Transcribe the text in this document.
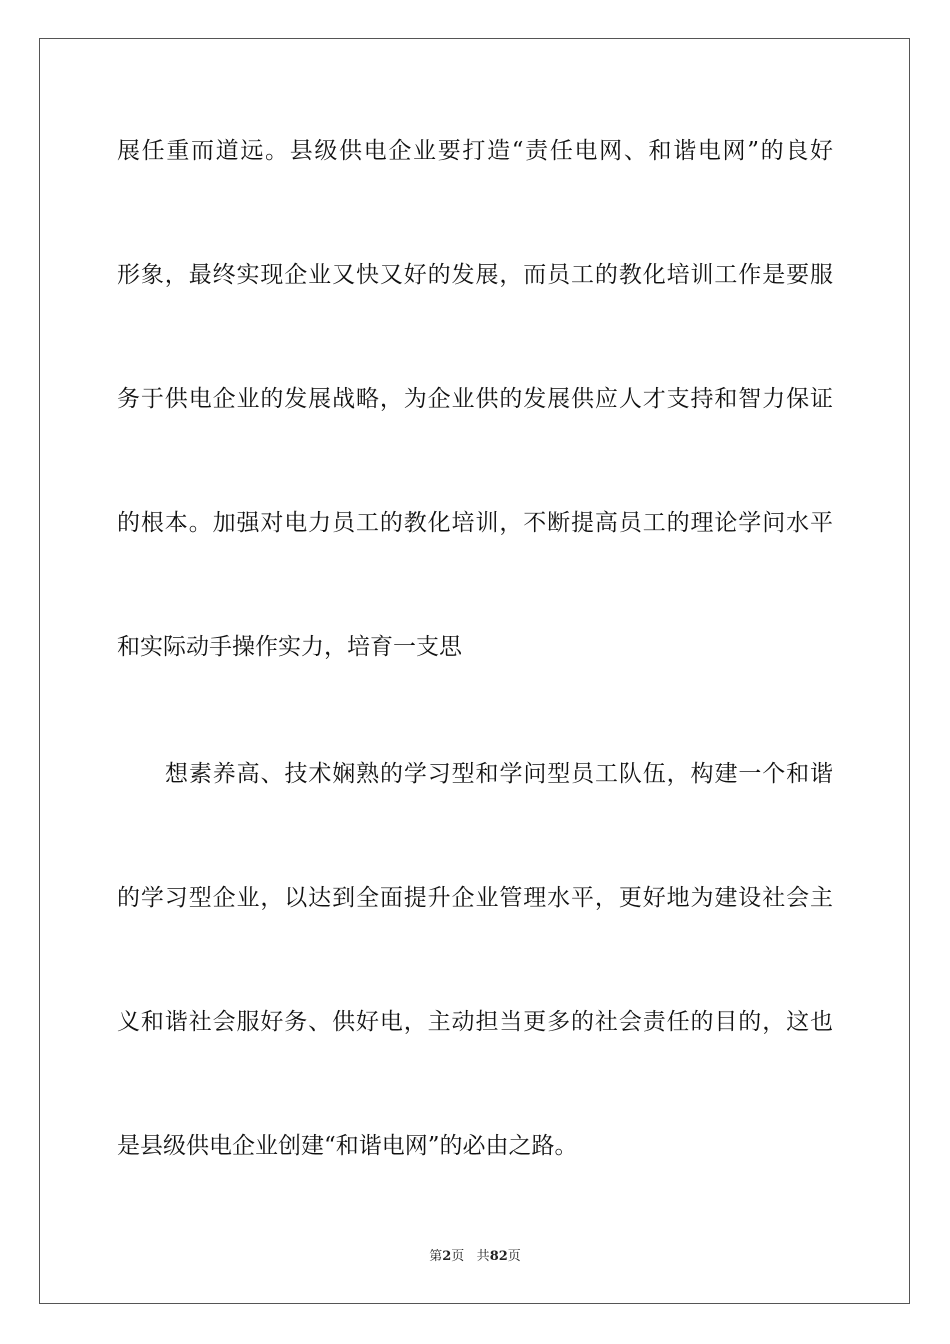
展任重而道远。县级供电企业要打造“责任电网、和谐电网”的良好

形象，最终实现企业又快又好的发展，而员工的教化培训工作是要服

务于供电企业的发展战略，为企业供的发展供应人才支持和智力保证

的根本。加强对电力员工的教化培训，不断提高员工的理论学问水平

和实际动手操作实力，培育一支思

想素养高、技术娴熟的学习型和学问型员工队伍，构建一个和谐

的学习型企业，以达到全面提升企业管理水平，更好地为建设社会主

义和谐社会服好务、供好电，主动担当更多的社会责任的目的，这也

是县级供电企业创建“和谐电网”的必由之路。

第2页 共82页
